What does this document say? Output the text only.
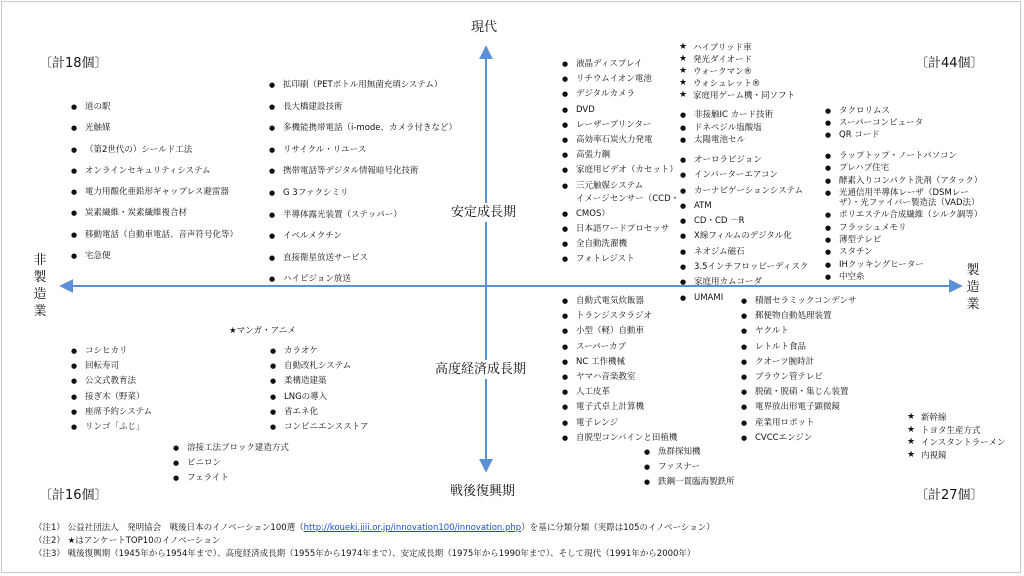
現代
戦後復興期
安定成長期
高度経済成長期
非
製
造
業
製
造
業
〔計18個〕	〔計44個〕
〔計16個〕	〔計27個〕
● 道の駅
● 光触媒
● （第2世代の）シールド工法
● オンラインセキュリティシステム
● 電力用酸化亜鉛形ギャップレス避雷器
● 炭素繊維・炭素繊維複合材
● 移動電話（自動車電話、音声符号化等）
● 宅急便
● 拡印刷（PETボトル用無菌充填システム）
● 長大橋建設技術
● 多機能携帯電話（i-mode、カメラ付きなど）
● リサイクル・リユース
● 携帯電話等デジタル情報暗号化技術
● G 3ファクシミリ
● 半導体露光装置（ステッパー）
● イベルメクチン
● 直接衛星放送サービス
● ハイビジョン放送
● 液晶ディスプレイ
● リチウムイオン電池
● デジタルカメラ
● DVD
● レーザープリンター
● 高効率石炭火力発電
● 高張力鋼
● 家庭用ビデオ（カセット）
● 三元触媒システム
イメージセンサー（CCD・
● CMOS）
● 日本語ワードプロセッサ
● 全自動洗濯機
● フォトレジスト
★ ハイブリッド車
★ 発光ダイオード
★ ウォークマン®
★ ウォシュレット®
★ 家庭用ゲーム機・同ソフト
● 非接触IC カード技術
● ドネペジル塩酸塩
● 太陽電池セル
● オーロラビジョン
● インバーターエアコン
● カーナビゲーションシステム
● ATM
● CD・CD －R
● X線フィルムのデジタル化
● ネオジム磁石
● 3.5インチフロッピーディスク
● 家庭用カムコーダ
● UMAMI
● タクロリムス
● スーパーコンピュータ
● QR コード
● ラップトップ・ノートパソコン
● プレハブ住宅
● 酵素入りコンパクト洗剤（アタック）
● 光通信用半導体レーザ（DSMレー
ザ）・光ファイバー製造法（VAD法）
● ポリエステル合成繊維（シルク調等）
● フラッシュメモリ
● 薄型テレビ
● スタチン
● IHクッキングヒーター
● 中空糸
● コシヒカリ
● 回転寿司
● 公文式教育法
● 接ぎ木（野菜）
● 座席予約システム
● リンゴ「ふじ」
★マンガ・アニメ
● カラオケ
● 自動改札システム
● 柔構造建築
● LNGの導入
● 省エネ化
● コンビニエンスストア
● 溶接工法ブロック建造方式
● ビニロン
● フェライト
● 自動式電気炊飯器
● トランジスタラジオ
● 小型（軽）自動車
● スーパーカブ
● NC 工作機械
● ヤマハ音楽教室
● 人工皮革
● 電子式卓上計算機
● 電子レンジ
● 自脱型コンバインと田植機
● 積層セラミックコンデンサ
● 郵便物自動処理装置
● ヤクルト
● レトルト食品
● クオーツ腕時計
● ブラウン管テレビ
● 脱硫・脱硝・集じん装置
● 電界放出形電子顕微鏡
● 産業用ロボット
● CVCCエンジン
★ 新幹線
★ トヨタ生産方式
★ インスタントラーメン
★ 内視鏡
● 魚群探知機
● ファスナー
● 鉄鋼一貫臨海製鉄所
（注1） 公益社団法人　発明協会　戦後日本のイノベーション100選（http://koueki.jiii.or.jp/innovation100/innovation.php）を基に分類分類（実際は105のイノベーション）
（注2） ★はアンケートTOP10のイノベーション
（注3） 戦後復興期（1945年から1954年まで）、高度経済成長期（1955年から1974年まで）、安定成長期（1975年から1990年まで）、そして現代（1991年から2000年）
